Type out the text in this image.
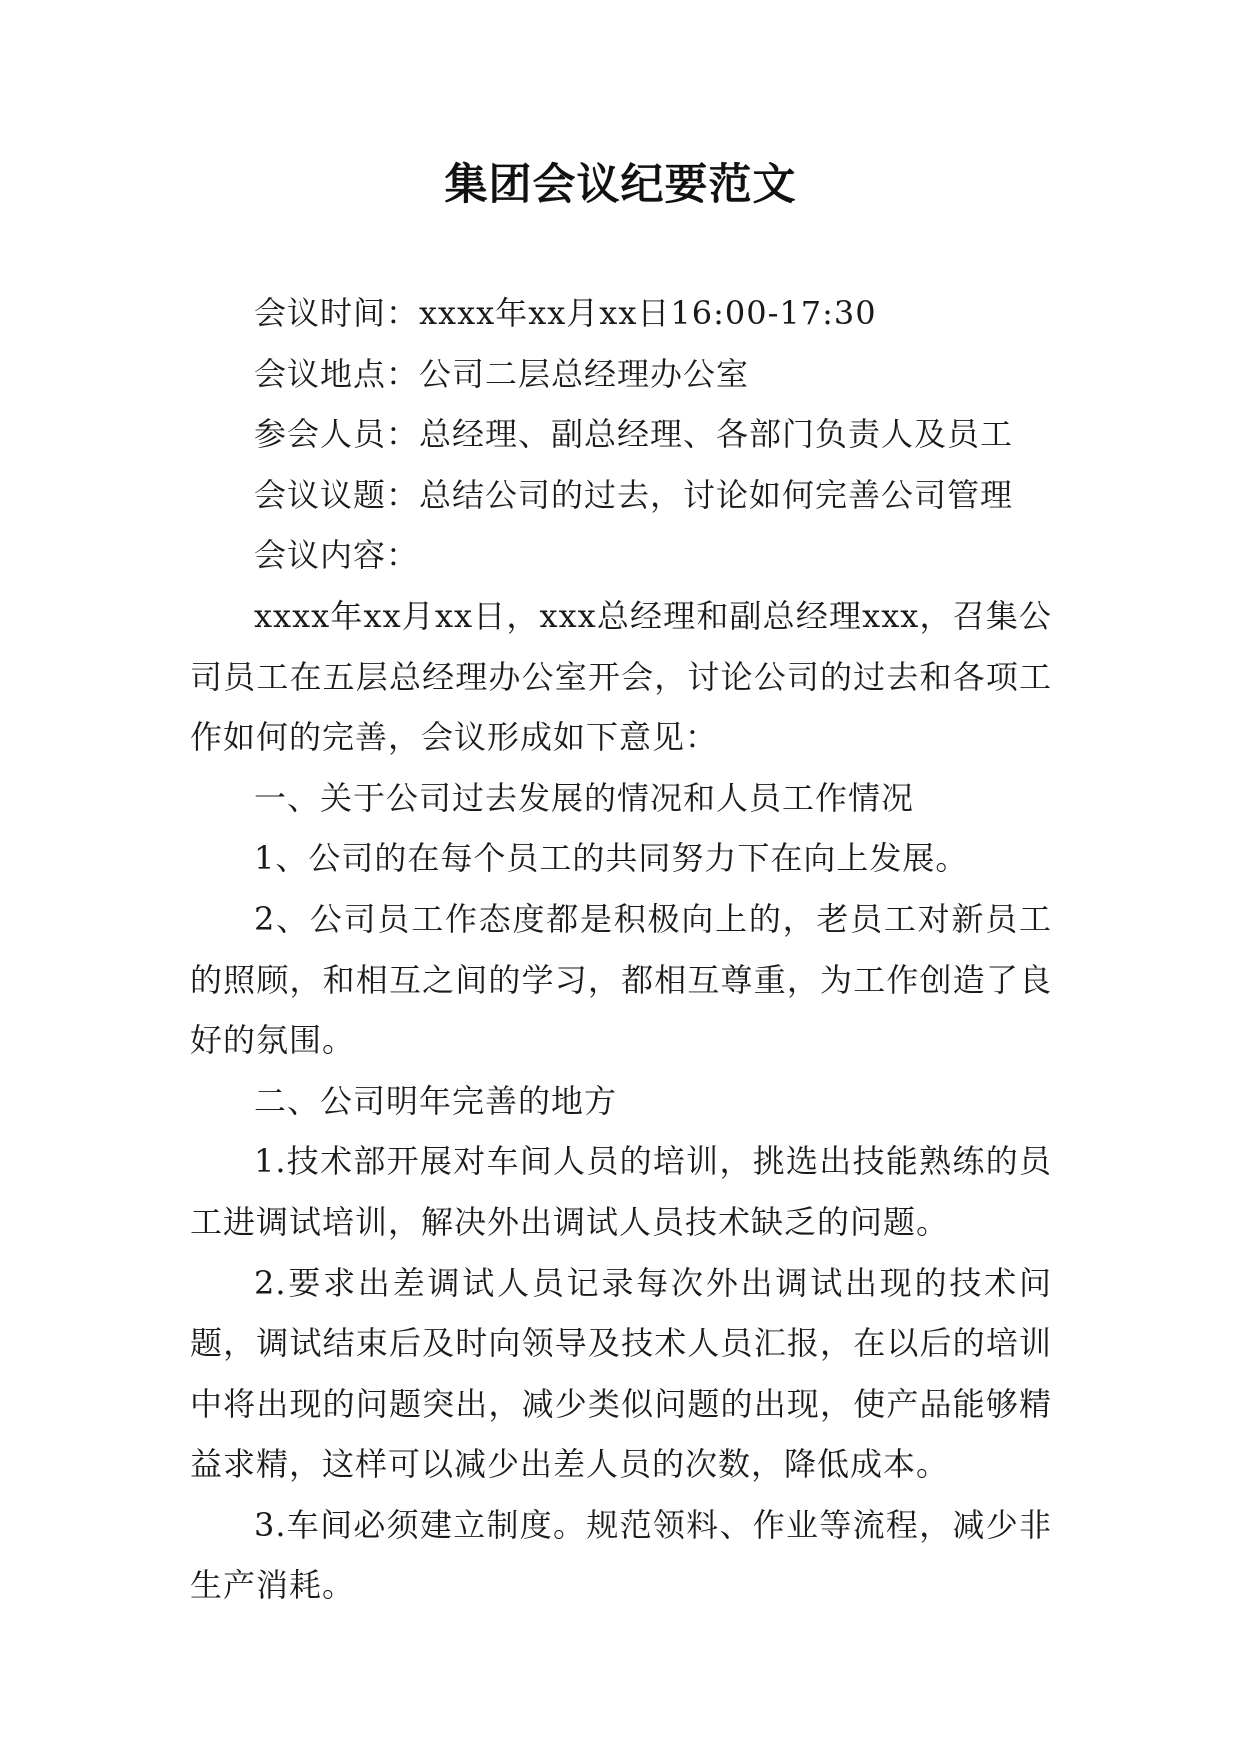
集团会议纪要范文

会议时间：xxxx年xx月xx日16:00-17:30

会议地点：公司二层总经理办公室

参会人员：总经理、副总经理、各部门负责人及员工

会议议题：总结公司的过去，讨论如何完善公司管理

会议内容：

xxxx年xx月xx日，xxx总经理和副总经理xxx，召集公司员工在五层总经理办公室开会，讨论公司的过去和各项工作如何的完善，会议形成如下意见：

一、关于公司过去发展的情况和人员工作情况

1、公司的在每个员工的共同努力下在向上发展。

2、公司员工作态度都是积极向上的，老员工对新员工的照顾，和相互之间的学习，都相互尊重，为工作创造了良好的氛围。

二、公司明年完善的地方

1.技术部开展对车间人员的培训，挑选出技能熟练的员工进调试培训，解决外出调试人员技术缺乏的问题。

2.要求出差调试人员记录每次外出调试出现的技术问题，调试结束后及时向领导及技术人员汇报，在以后的培训中将出现的问题突出，减少类似问题的出现，使产品能够精益求精，这样可以减少出差人员的次数，降低成本。

3.车间必须建立制度。规范领料、作业等流程，减少非生产消耗。
